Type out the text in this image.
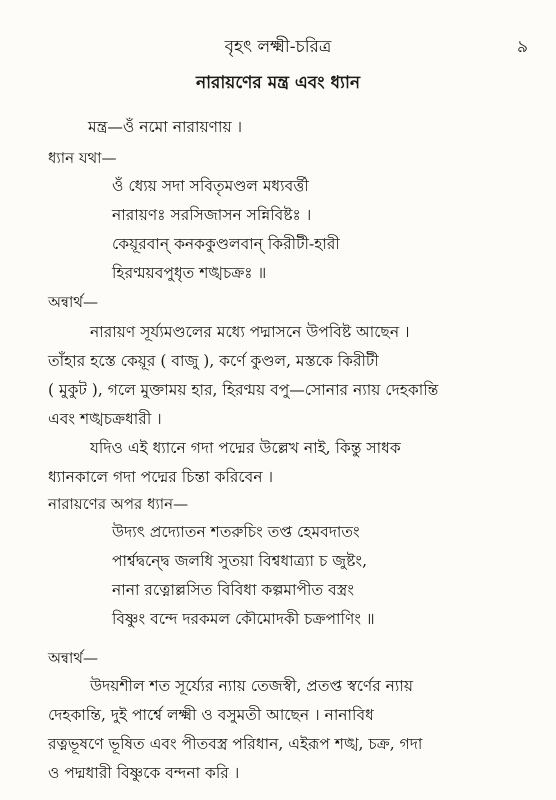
বৃহৎ লক্ষ্মী-চরিত্র	৯
নারায়ণের মন্ত্র এবং ধ্যান
মন্ত্র—ওঁ নমো নারায়ণায় ।
ধ্যান যথা—
ওঁ ধ্যেয় সদা সবিতৃমণ্ডল মধ্যবর্ত্তী
নারায়ণঃ সরসিজাসন সন্নিবিষ্টঃ ।
কেয়ূরবান্ কনককুণ্ডলবান্ কিরীটী-হারী
হিরণ্ময়বপুধৃত শঙ্খচক্রঃ ॥
অন্বার্থ—
নারায়ণ সূর্য্যমণ্ডলের মধ্যে পদ্মাসনে উপবিষ্ট আছেন ।
তাঁহার হস্তে কেয়ূর ( বাজু ), কর্ণে কুণ্ডল, মস্তকে কিরীটী
( মুকুট ), গলে মুক্তাময় হার, হিরণ্ময় বপু—সোনার ন্যায় দেহকান্তি
এবং শঙ্খচক্রধারী ।
যদিও এই ধ্যানে গদা পদ্মের উল্লেখ নাই, কিন্তু সাধক
ধ্যানকালে গদা পদ্মের চিন্তা করিবেন ।
নারায়ণের অপর ধ্যান—
উদ্যৎ প্রদ্যোতন শতরুচিং তপ্ত হেমবদাতং
পার্শ্বদ্বন্দ্বে জলধি সুতয়া বিশ্বধাত্র্যা চ জুষ্টং,
নানা রত্নোল্লসিত বিবিধা কল্পমাপীত বস্ত্রং
বিষ্ণুং বন্দে দরকমল কৌমোদকী চক্রপাণিং ॥
অন্বার্থ—
উদয়শীল শত সূর্য্যের ন্যায় তেজস্বী, প্রতপ্ত স্বর্ণের ন্যায়
দেহকান্তি, দুই পার্শ্বে লক্ষ্মী ও বসুমতী আছেন । নানাবিধ
রত্নভূষণে ভূষিত এবং পীতবস্ত্র পরিধান, এইরূপ শঙ্খ, চক্র, গদা
ও পদ্মধারী বিষ্ণুকে বন্দনা করি ।
